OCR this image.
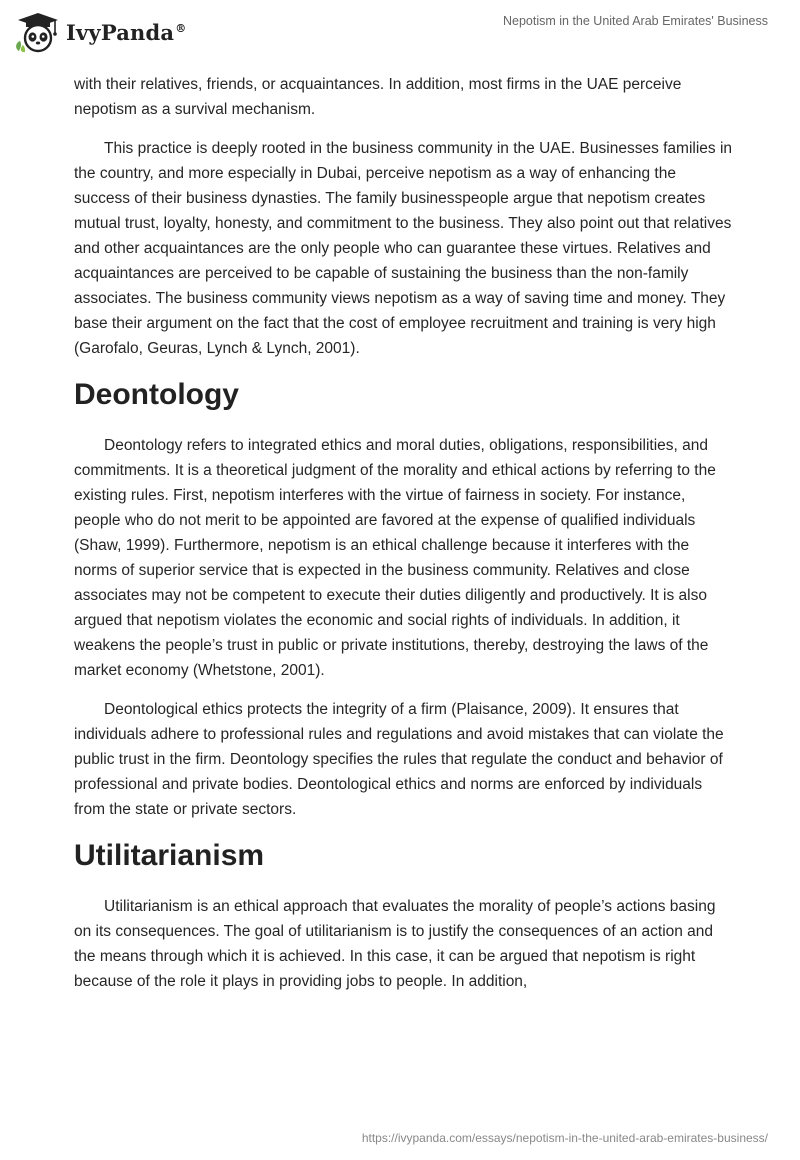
IvyPanda®	Nepotism in the United Arab Emirates' Business

with their relatives, friends, or acquaintances. In addition, most firms in the UAE perceive nepotism as a survival mechanism.

This practice is deeply rooted in the business community in the UAE. Businesses families in the country, and more especially in Dubai, perceive nepotism as a way of enhancing the success of their business dynasties. The family businesspeople argue that nepotism creates mutual trust, loyalty, honesty, and commitment to the business. They also point out that relatives and other acquaintances are the only people who can guarantee these virtues. Relatives and acquaintances are perceived to be capable of sustaining the business than the non-family associates. The business community views nepotism as a way of saving time and money. They base their argument on the fact that the cost of employee recruitment and training is very high (Garofalo, Geuras, Lynch & Lynch, 2001).

Deontology

Deontology refers to integrated ethics and moral duties, obligations, responsibilities, and commitments. It is a theoretical judgment of the morality and ethical actions by referring to the existing rules. First, nepotism interferes with the virtue of fairness in society. For instance, people who do not merit to be appointed are favored at the expense of qualified individuals (Shaw, 1999). Furthermore, nepotism is an ethical challenge because it interferes with the norms of superior service that is expected in the business community. Relatives and close associates may not be competent to execute their duties diligently and productively. It is also argued that nepotism violates the economic and social rights of individuals. In addition, it weakens the people’s trust in public or private institutions, thereby, destroying the laws of the market economy (Whetstone, 2001).

Deontological ethics protects the integrity of a firm (Plaisance, 2009). It ensures that individuals adhere to professional rules and regulations and avoid mistakes that can violate the public trust in the firm. Deontology specifies the rules that regulate the conduct and behavior of professional and private bodies. Deontological ethics and norms are enforced by individuals from the state or private sectors.

Utilitarianism

Utilitarianism is an ethical approach that evaluates the morality of people’s actions basing on its consequences. The goal of utilitarianism is to justify the consequences of an action and the means through which it is achieved. In this case, it can be argued that nepotism is right because of the role it plays in providing jobs to people. In addition,

https://ivypanda.com/essays/nepotism-in-the-united-arab-emirates-business/
